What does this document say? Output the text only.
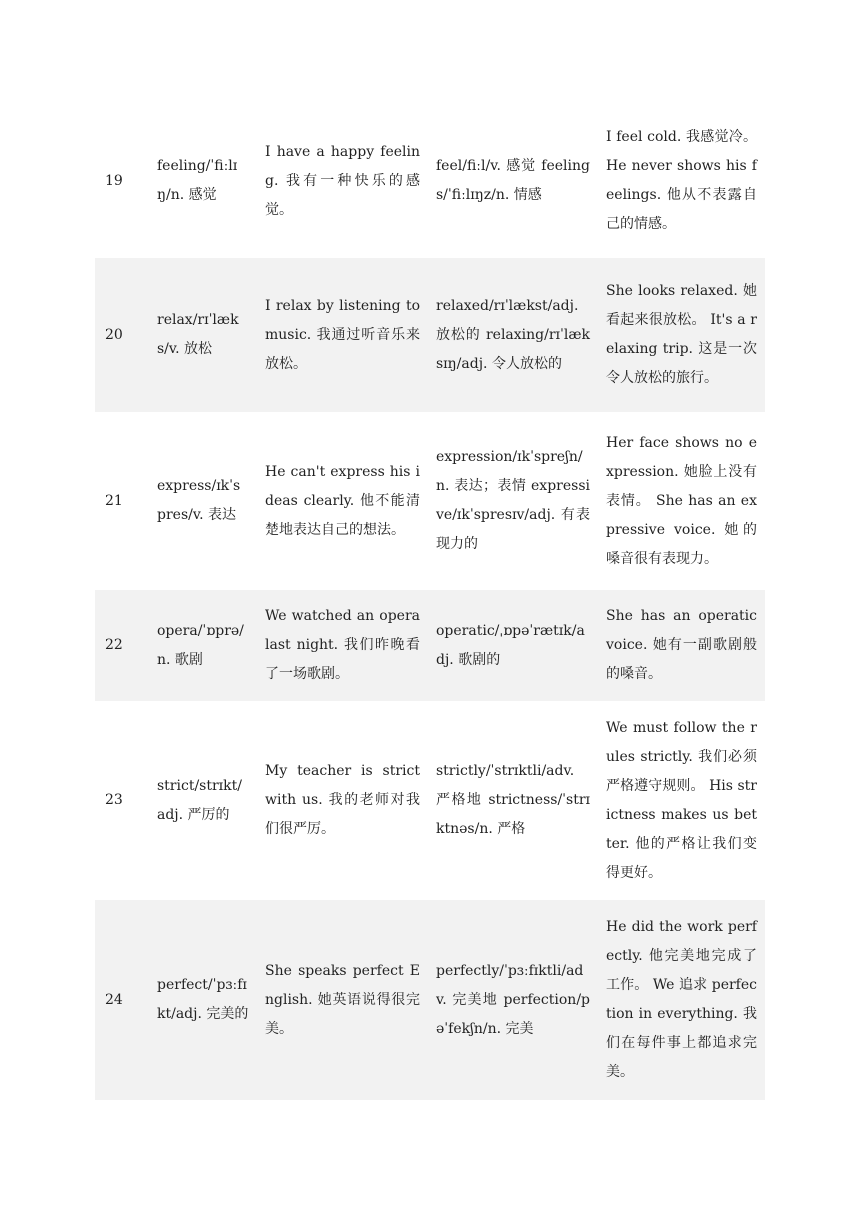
19	feeling/ˈfiːlɪŋ/n. 感觉	I have a happy feeling. 我有一种快乐的感觉。	feel/fiːl/v. 感觉 feelings/ˈfiːlɪŋz/n. 情感	I feel cold. 我感觉冷。 He never shows his feelings. 他从不表露自己的情感。
20	relax/rɪˈlæks/v. 放松	I relax by listening to music. 我通过听音乐来放松。	relaxed/rɪˈlækst/adj. 放松的 relaxing/rɪˈlæksɪŋ/adj. 令人放松的	She looks relaxed. 她看起来很放松。 It's a relaxing trip. 这是一次令人放松的旅行。
21	express/ɪkˈspres/v. 表达	He can't express his ideas clearly. 他不能清楚地表达自己的想法。	expression/ɪkˈspreʃn/n. 表达；表情 expressive/ɪkˈspresɪv/adj. 有表现力的	Her face shows no expression. 她脸上没有表情。 She has an expressive voice. 她的嗓音很有表现力。
22	opera/ˈɒprə/n. 歌剧	We watched an opera last night. 我们昨晚看了一场歌剧。	operatic/ˌɒpəˈrætɪk/adj. 歌剧的	She has an operatic voice. 她有一副歌剧般的嗓音。
23	strict/strɪkt/adj. 严厉的	My teacher is strict with us. 我的老师对我们很严厉。	strictly/ˈstrɪktli/adv. 严格地 strictness/ˈstrɪktnəs/n. 严格	We must follow the rules strictly. 我们必须严格遵守规则。 His strictness makes us better. 他的严格让我们变得更好。
24	perfect/ˈpɜːfɪkt/adj. 完美的	She speaks perfect English. 她英语说得很完美。	perfectly/ˈpɜːfɪktli/adv. 完美地 perfection/pəˈfekʃn/n. 完美	He did the work perfectly. 他完美地完成了工作。 We 追求 perfection in everything. 我们在每件事上都追求完美。
